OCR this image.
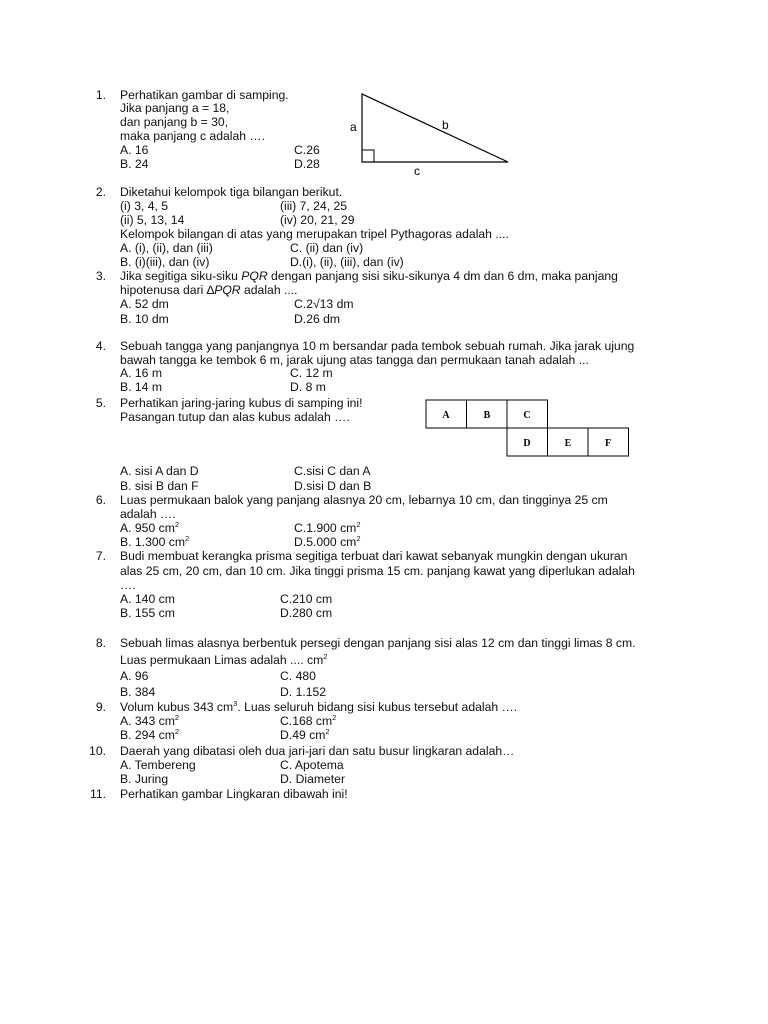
1. Perhatikan gambar di samping.
Jika panjang a = 18,
dan panjang b = 30,
maka panjang c adalah ….
A. 16	C.26
B. 24	D.28
a	b
c
2. Diketahui kelompok tiga bilangan berikut.
(i) 3, 4, 5	(iii) 7, 24, 25
(ii) 5, 13, 14	(iv) 20, 21, 29
Kelompok bilangan di atas yang merupakan tripel Pythagoras adalah ....
A. (i), (ii), dan (iii)	C. (ii) dan (iv)
B. (i)(iii), dan (iv)	D.(i), (ii), (iii), dan (iv)
3. Jika segitiga siku-siku PQR dengan panjang sisi siku-sikunya 4 dm dan 6 dm, maka panjang
hipotenusa dari ∆PQR adalah ....
A. 52 dm	C.2√13 dm
B. 10 dm	D.26 dm
4. Sebuah tangga yang panjangnya 10 m bersandar pada tembok sebuah rumah. Jika jarak ujung
bawah tangga ke tembok 6 m, jarak ujung atas tangga dan permukaan tanah adalah ...
A. 16 m	C. 12 m
B. 14 m	D. 8 m
5. Perhatikan jaring-jaring kubus di samping ini!
Pasangan tutup dan alas kubus adalah ….	A	B	C
D	E	F
A. sisi A dan D	C.sisi C dan A
B. sisi B dan F	D.sisi D dan B
6. Luas permukaan balok yang panjang alasnya 20 cm, lebarnya 10 cm, dan tingginya 25 cm
adalah ….
A. 950 $cm^2$	C.1.900 $cm^2$
B. 1.300 $cm^2$	D.5.000 $cm^2$
7. Budi membuat kerangka prisma segitiga terbuat dari kawat sebanyak mungkin dengan ukuran
alas 25 cm, 20 cm, dan 10 cm. Jika tinggi prisma 15 cm. panjang kawat yang diperlukan adalah
….
A. 140 cm	C.210 cm
B. 155 cm	D.280 cm
8. Sebuah limas alasnya berbentuk persegi dengan panjang sisi alas 12 cm dan tinggi limas 8 cm.
Luas permukaan Limas adalah .... $cm^2$
A. 96	C. 480
B. 384	D. 1.152
9. Volum kubus 343 $cm^3$. Luas seluruh bidang sisi kubus tersebut adalah ….
A. 343 $cm^2$	C.168 $cm^2$
B. 294 $cm^2$	D.49 $cm^2$
10. Daerah yang dibatasi oleh dua jari-jari dan satu busur lingkaran adalah…
A. Tembereng	C. Apotema
B. Juring	D. Diameter
11. Perhatikan gambar Lingkaran dibawah ini!
